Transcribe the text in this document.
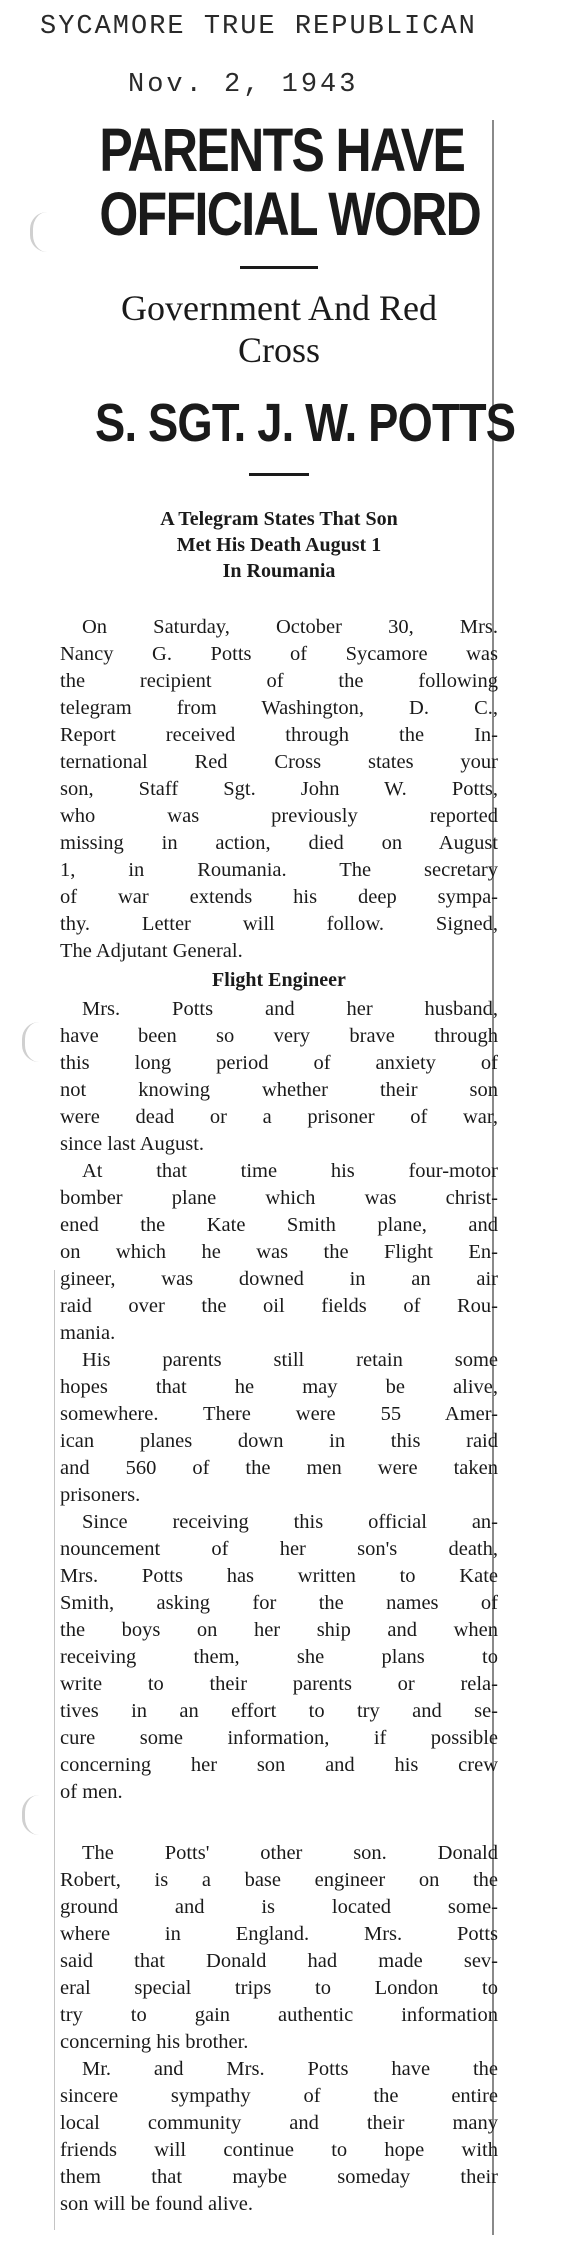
SYCAMORE TRUE REPUBLICAN
Nov. 2, 1943
PARENTS HAVE
OFFICIAL WORD
Government And Red
Cross
S. SGT. J. W. POTTS
A Telegram States That Son
Met His Death August 1
In Roumania
On Saturday, October 30, Mrs.
Nancy G. Potts of Sycamore was
the recipient of the following
telegram from Washington, D. C.,
Report received through the In-
ternational Red Cross states your
son, Staff Sgt. John W. Potts,
who was previously reported
missing in action, died on August
1, in Roumania. The secretary
of war extends his deep sympa-
thy. Letter will follow. Signed,
The Adjutant General.
Flight Engineer
Mrs. Potts and her husband,
have been so very brave through
this long period of anxiety of
not knowing whether their son
were dead or a prisoner of war,
since last August.
At that time his four-motor
bomber plane which was christ-
ened the Kate Smith plane, and
on which he was the Flight En-
gineer, was downed in an air
raid over the oil fields of Rou-
mania.
His parents still retain some
hopes that he may be alive,
somewhere. There were 55 Amer-
ican planes down in this raid
and 560 of the men were taken
prisoners.
Since receiving this official an-
nouncement of her son's death,
Mrs. Potts has written to Kate
Smith, asking for the names of
the boys on her ship and when
receiving them, she plans to
write to their parents or rela-
tives in an effort to try and se-
cure some information, if possible
concerning her son and his crew
of men.
The Potts' other son. Donald
Robert, is a base engineer on the
ground and is located some-
where in England. Mrs. Potts
said that Donald had made sev-
eral special trips to London to
try to gain authentic information
concerning his brother.
Mr. and Mrs. Potts have the
sincere sympathy of the entire
local community and their many
friends will continue to hope with
them that maybe someday their
son will be found alive.
